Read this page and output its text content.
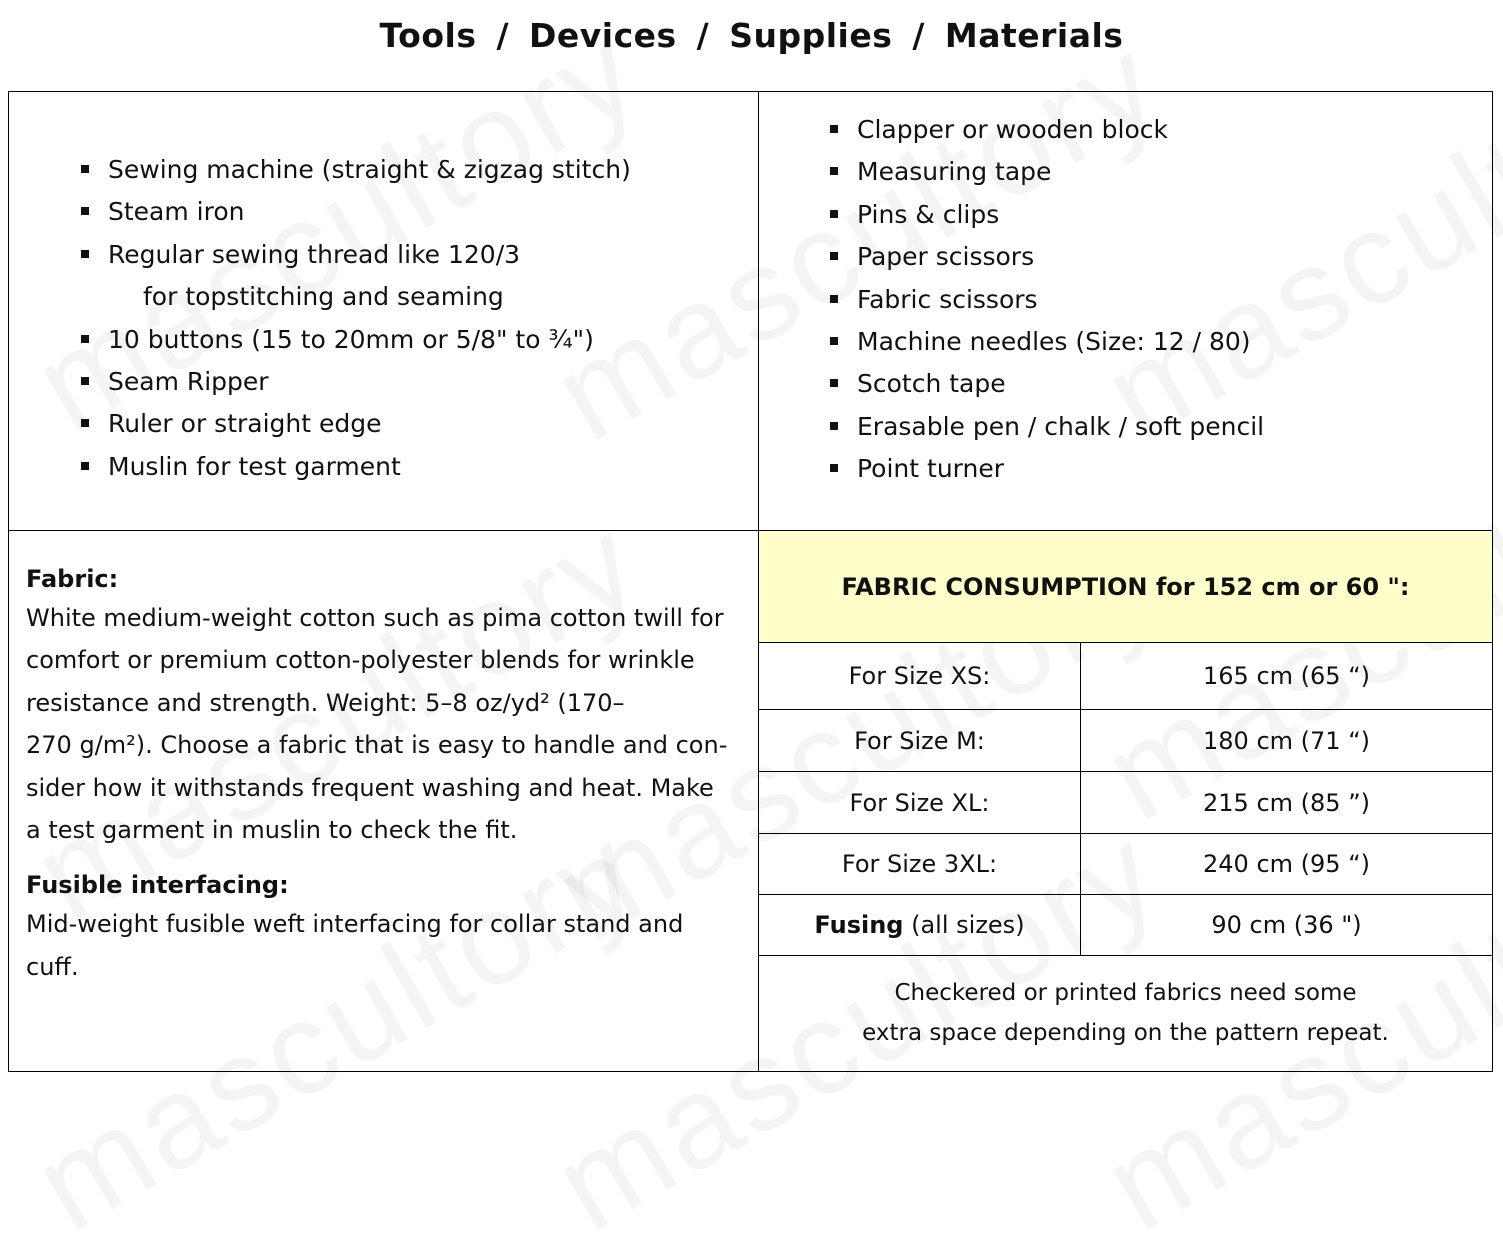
Tools / Devices / Supplies / Materials
Sewing machine (straight & zigzag stitch)
Steam iron
Regular sewing thread like 120/3
for topstitching and seaming
10 buttons (15 to 20mm or 5/8" to ¾")
Seam Ripper
Ruler or straight edge
Muslin for test garment
Clapper or wooden block
Measuring tape
Pins & clips
Paper scissors
Fabric scissors
Machine needles (Size: 12 / 80)
Scotch tape
Erasable pen / chalk / soft pencil
Point turner
Fabric:

White medium-weight cotton such as pima cotton twill for

comfort or premium cotton-polyester blends for wrinkle

resistance and strength. Weight: 5–8 oz/yd² (170–

270 g/m²). Choose a fabric that is easy to handle and con-

sider how it withstands frequent washing and heat. Make

a test garment in muslin to check the fit.

Fusible interfacing:

Mid-weight fusible weft interfacing for collar stand and

cuff.

FABRIC CONSUMPTION for 152 cm or 60 ":
For Size XS:	165 cm (65 “)
For Size M:	180 cm (71 “)
For Size XL:	215 cm (85 ”)
For Size 3XL:	240 cm (95 “)
Fusing (all sizes)	90 cm (36 ")
Checkered or printed fabrics need some
extra space depending on the pattern repeat.
